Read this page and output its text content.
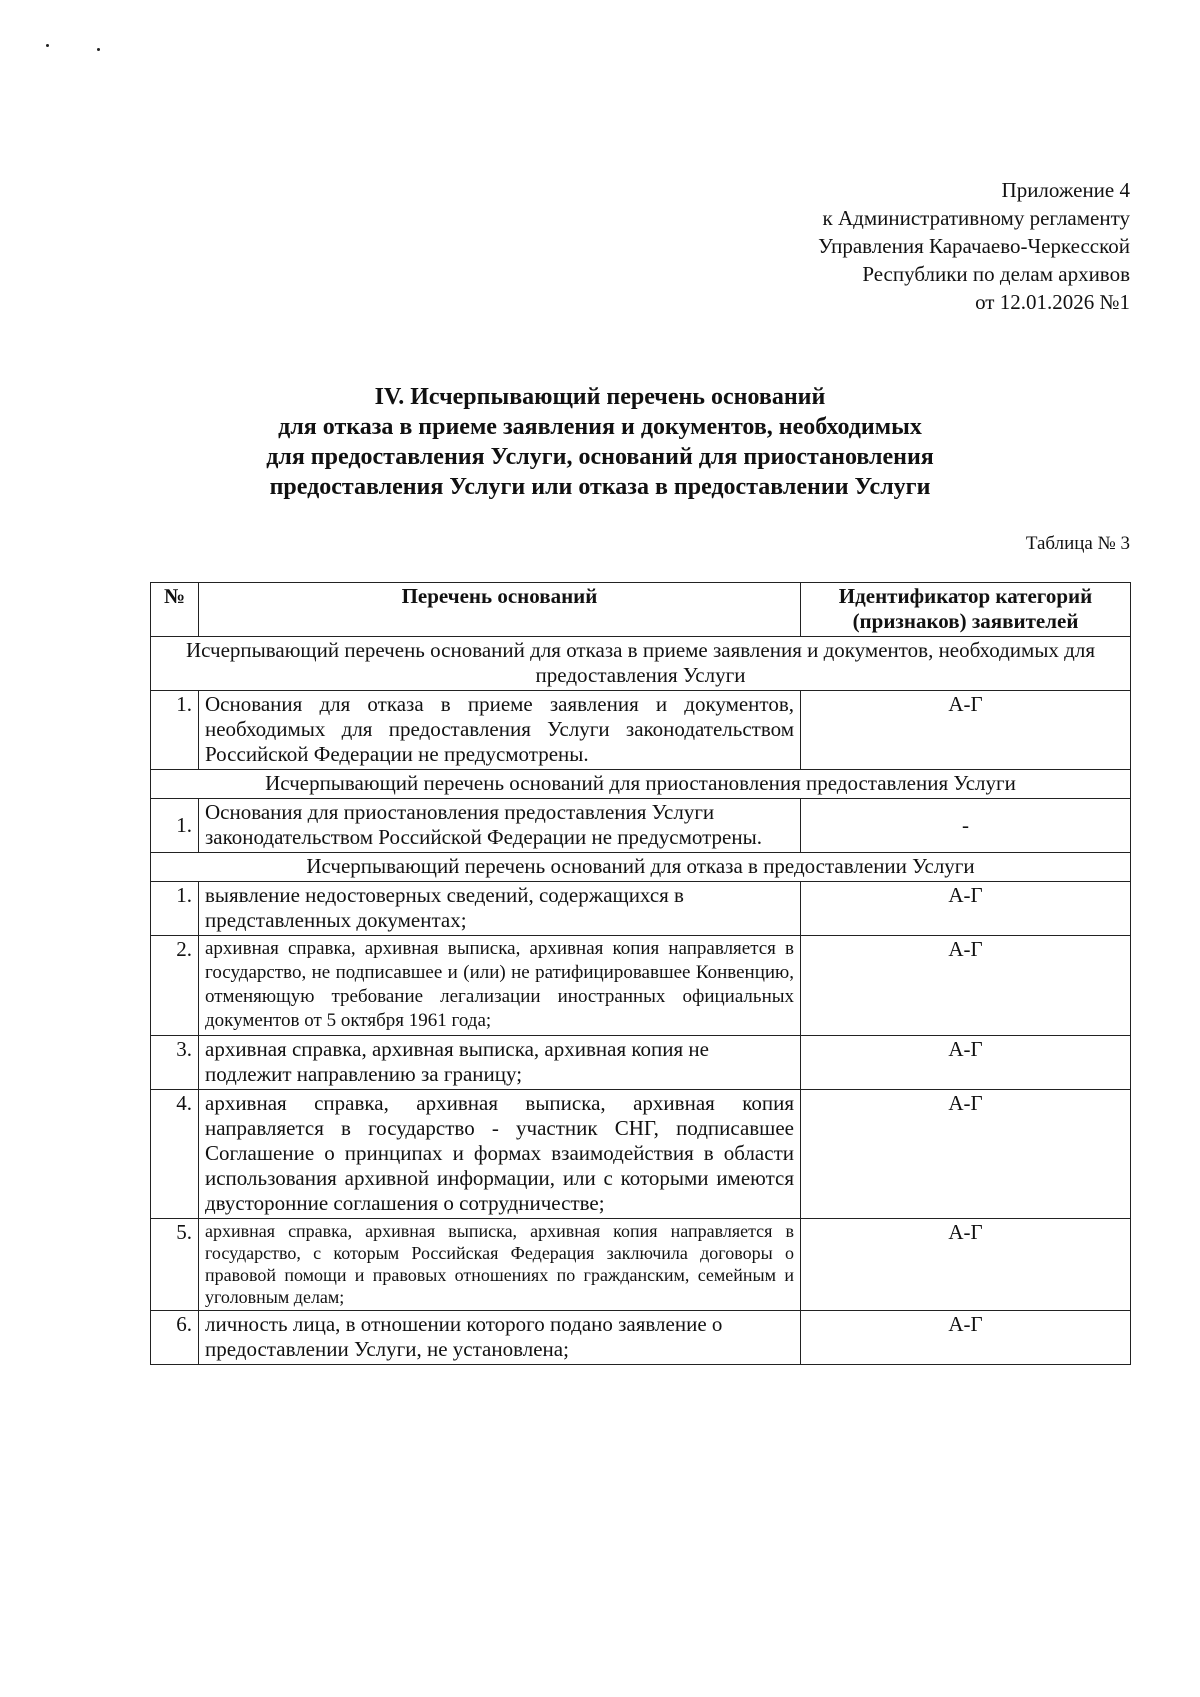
Приложение 4
к Административному регламенту
Управления Карачаево-Черкесской
Республики по делам архивов
от 12.01.2026 №1
IV. Исчерпывающий перечень оснований
для отказа в приеме заявления и документов, необходимых
для предоставления Услуги, оснований для приостановления
предоставления Услуги или отказа в предоставлении Услуги
Таблица № 3
№	Перечень оснований	Идентификатор категорий (признаков) заявителей
Исчерпывающий перечень оснований для отказа в приеме заявления и документов, необходимых для предоставления Услуги		
1.	Основания для отказа в приеме заявления и документов, необходимых для предоставления Услуги законодательством Российской Федерации не предусмотрены.	А-Г
Исчерпывающий перечень оснований для приостановления предоставления Услуги		
1.	Основания для приостановления предоставления Услуги законодательством Российской Федерации не предусмотрены.	-
Исчерпывающий перечень оснований для отказа в предоставлении Услуги		
1.	выявление недостоверных сведений, содержащихся в представленных документах;	А-Г
2.	архивная справка, архивная выписка, архивная копия направляется в государство, не подписавшее и (или) не ратифицировавшее Конвенцию, отменяющую требование легализации иностранных официальных документов от 5 октября 1961 года;	А-Г
3.	архивная справка, архивная выписка, архивная копия не подлежит направлению за границу;	А-Г
4.	архивная справка, архивная выписка, архивная копия направляется в государство - участник СНГ, подписавшее Соглашение о принципах и формах взаимодействия в области использования архивной информации, или с которыми имеются двусторонние соглашения о сотрудничестве;	А-Г
5.	архивная справка, архивная выписка, архивная копия направляется в государство, с которым Российская Федерация заключила договоры о правовой помощи и правовых отношениях по гражданским, семейным и уголовным делам;	А-Г
6.	личность лица, в отношении которого подано заявление о предоставлении Услуги, не установлена;	А-Г
